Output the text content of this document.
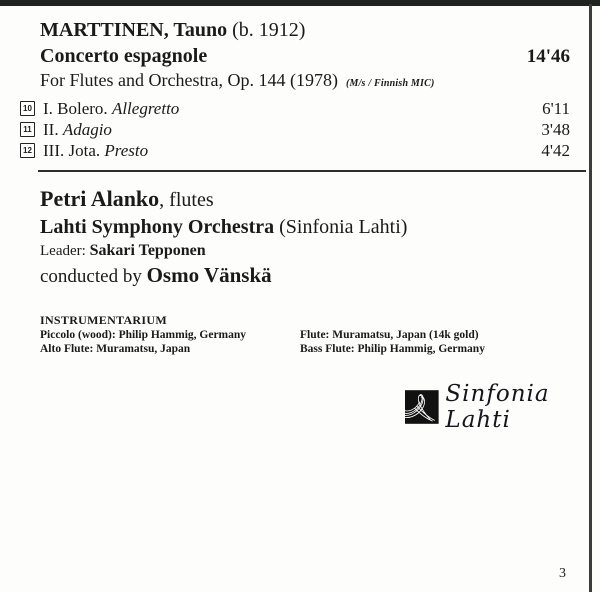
MARTTINEN, Tauno (b. 1912)
Concerto espagnole	14'46
For Flutes and Orchestra, Op. 144 (1978) (M/s / Finnish MIC)
10 I. Bolero. Allegretto	6'11
11 II. Adagio	3'48
12 III. Jota. Presto	4'42
Petri Alanko, flutes
Lahti Symphony Orchestra (Sinfonia Lahti)
Leader: Sakari Tepponen
conducted by Osmo Vänskä
Sinfonia Lahti
INSTRUMENTARIUM
Piccolo (wood): Philip Hammig, Germany
Alto Flute: Muramatsu, Japan
Flute: Muramatsu, Japan (14k gold)
Bass Flute: Philip Hammig, Germany
3
